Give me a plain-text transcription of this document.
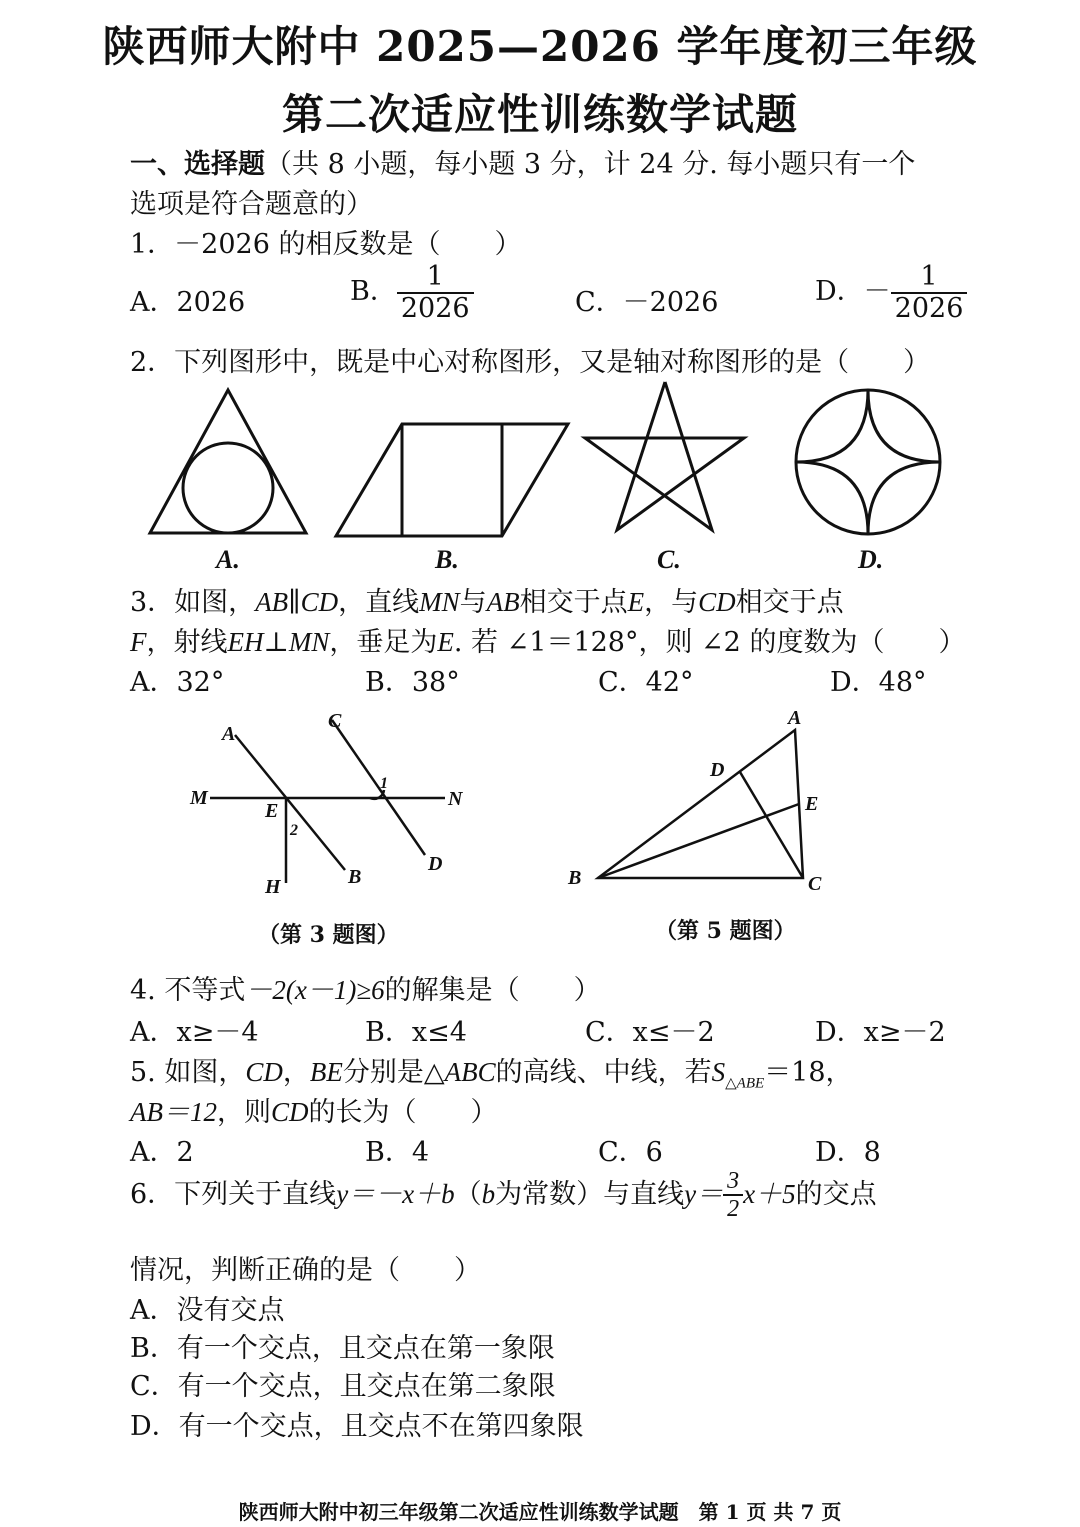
陕西师大附中 2025—2026 学年度初三年级
第二次适应性训练数学试题
一、选择题（共 8 小题，每小题 3 分，计 24 分. 每小题只有一个
选项是符合题意的）
1．－2026 的相反数是（　　）
A．2026	B． $\frac{1}{2026}$	C．－2026	D．－ $\frac{1}{2026}$
2．下列图形中，既是中心对称图形，又是轴对称图形的是（　　）
A.	B.	C.	D.
3．如图，AB∥CD，直线MN与AB相交于点E，与CD相交于点
F，射线EH⊥MN，垂足为E. 若 ∠1＝128°，则 ∠2 的度数为（　　）
A．32°	B．38°	C．42°	D．48°
A
C
M	N
E
1
2
H	B
D
（第 3 题图）
A
D
E
B	C
（第 5 题图）
4. 不等式－2(x－1)≥6的解集是（　　）
A．x≥－4	B．x≤4	C．x≤－2	D．x≥－2
5. 如图，CD，BE分别是△ABC的高线、中线，若$S_{\triangle ABE}=18$，
AB＝12，则CD的长为（　　）
A．2	B．4	C．6	D．8
6．下列关于直线y＝－x＋b（b为常数）与直线$y= \frac{3}{2} x+5$的交点
情况，判断正确的是（　　）
A．没有交点
B．有一个交点，且交点在第一象限
C．有一个交点，且交点在第二象限
D．有一个交点，且交点不在第四象限
陕西师大附中初三年级第二次适应性训练数学试题　第 1 页 共 7 页
